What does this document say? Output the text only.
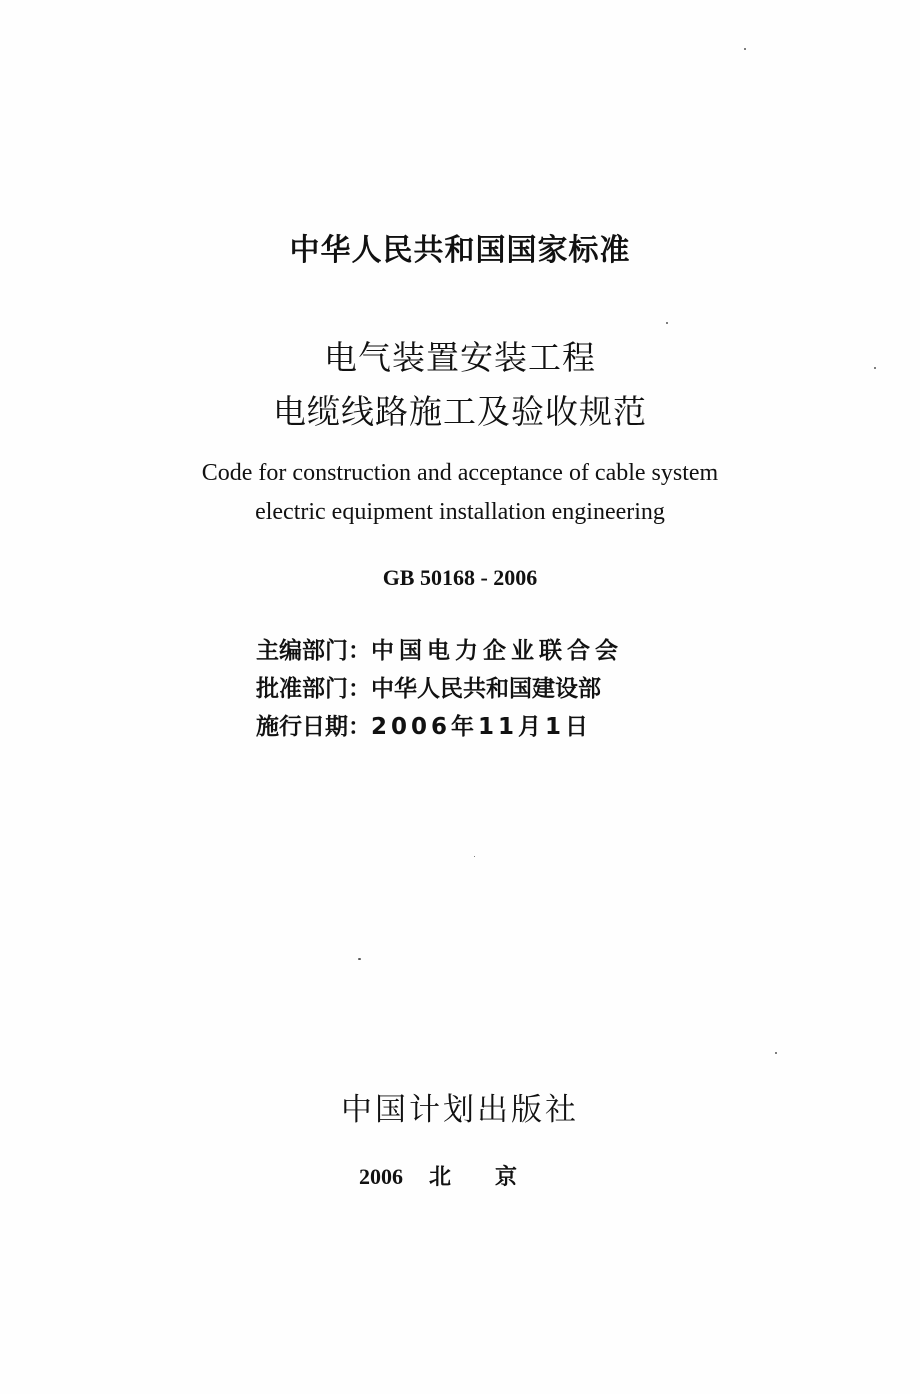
中华人民共和国国家标准
电气装置安装工程
电缆线路施工及验收规范
Code for construction and acceptance of cable system
electric equipment installation engineering
GB 50168 - 2006
主编部门：中国电力企业联合会
批准部门：中华人民共和国建设部
施行日期：2006年11月1日
中国计划出版社
2006 北京
